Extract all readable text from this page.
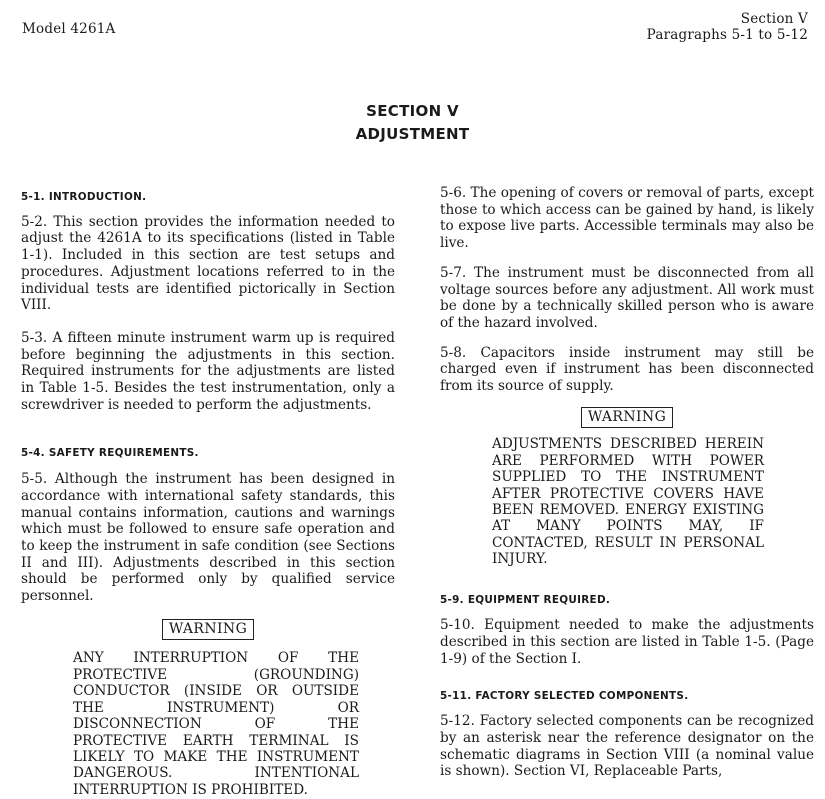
Model 4261A
Section V
Paragraphs 5-1 to 5-12
SECTION V
ADJUSTMENT

5-1. INTRODUCTION.

5-2. This section provides the information needed to adjust the 4261A to its specifications (listed in Table 1-1). Included in this section are test setups and procedures. Adjustment locations referred to in the individual tests are identified pictorically in Section VIII.

5-3. A fifteen minute instrument warm up is required before beginning the adjustments in this section. Required instruments for the adjustments are listed in Table 1-5. Besides the test instrumentation, only a screwdriver is needed to perform the adjustments.

5-4. SAFETY REQUIREMENTS.

5-5. Although the instrument has been designed in accordance with international safety standards, this manual contains information, cautions and warnings which must be followed to ensure safe operation and to keep the instrument in safe condition (see Sections II and III). Adjustments described in this section should be performed only by qualified service personnel.

WARNING

ANY INTERRUPTION OF THE PROTECTIVE (GROUNDING) CONDUCTOR (INSIDE OR OUTSIDE THE INSTRUMENT) OR DISCONNECTION OF THE PROTECTIVE EARTH TERMINAL IS LIKELY TO MAKE THE INSTRUMENT DANGEROUS. INTENTIONAL INTERRUPTION IS PROHIBITED.

5-6. The opening of covers or removal of parts, except those to which access can be gained by hand, is likely to expose live parts. Accessible terminals may also be live.

5-7. The instrument must be disconnected from all voltage sources before any adjustment. All work must be done by a technically skilled person who is aware of the hazard involved.

5-8. Capacitors inside instrument may still be charged even if instrument has been disconnected from its source of supply.

WARNING

ADJUSTMENTS DESCRIBED HEREIN ARE PERFORMED WITH POWER SUPPLIED TO THE INSTRUMENT AFTER PROTECTIVE COVERS HAVE BEEN REMOVED. ENERGY EXISTING AT MANY POINTS MAY, IF CONTACTED, RESULT IN PERSONAL INJURY.

5-9. EQUIPMENT REQUIRED.

5-10. Equipment needed to make the adjustments described in this section are listed in Table 1-5. (Page 1-9) of the Section I.

5-11. FACTORY SELECTED COMPONENTS.

5-12. Factory selected components can be recognized by an asterisk near the reference designator on the schematic diagrams in Section VIII (a nominal value is shown). Section VI, Replaceable Parts,
